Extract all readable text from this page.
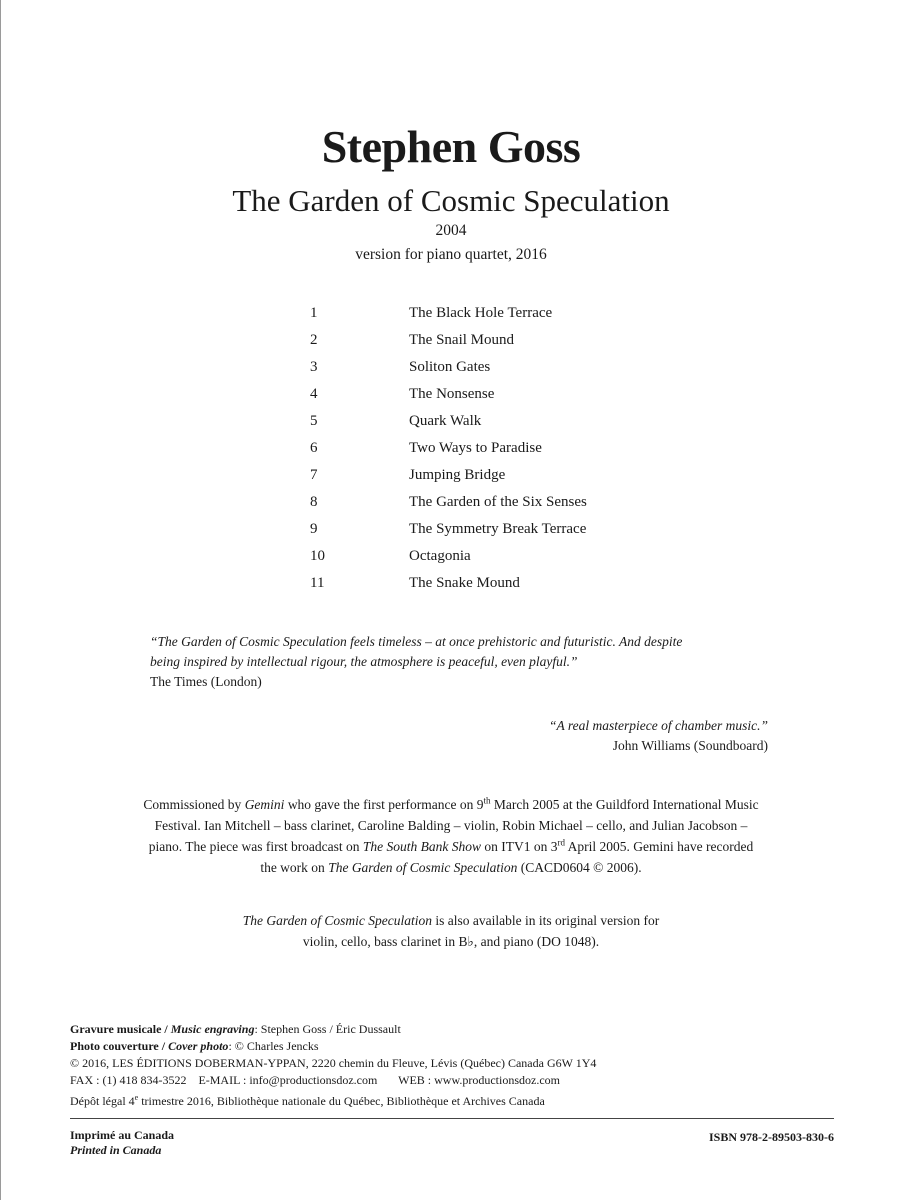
Stephen Goss
The Garden of Cosmic Speculation
2004
version for piano quartet, 2016
1	The Black Hole Terrace
2	The Snail Mound
3	Soliton Gates
4	The Nonsense
5	Quark Walk
6	Two Ways to Paradise
7	Jumping Bridge
8	The Garden of the Six Senses
9	The Symmetry Break Terrace
10	Octagonia
11	The Snake Mound
“The Garden of Cosmic Speculation feels timeless – at once prehistoric and futuristic. And despite
being inspired by intellectual rigour, the atmosphere is peaceful, even playful.”
The Times (London)
“A real masterpiece of chamber music.”
John Williams (Soundboard)
Commissioned by Gemini who gave the first performance on 9th March 2005 at the Guildford International Music Festival. Ian Mitchell – bass clarinet, Caroline Balding – violin, Robin Michael – cello, and Julian Jacobson – piano. The piece was first broadcast on The South Bank Show on ITV1 on 3rd April 2005. Gemini have recorded the work on The Garden of Cosmic Speculation (CACD0604 © 2006).
The Garden of Cosmic Speculation is also available in its original version for
violin, cello, bass clarinet in B♭, and piano (DO 1048).
Gravure musicale / Music engraving: Stephen Goss / Éric Dussault
Photo couverture / Cover photo: © Charles Jencks
© 2016, LES ÉDITIONS DOBERMAN-YPPAN, 2220 chemin du Fleuve, Lévis (Québec) Canada G6W 1Y4
FAX : (1) 418 834-3522    E-MAIL : info@productionsdoz.com       WEB : www.productionsdoz.com
Dépôt légal 4e trimestre 2016, Bibliothèque nationale du Québec, Bibliothèque et Archives Canada
Imprimé au Canada
Printed in Canada
ISBN 978-2-89503-830-6
